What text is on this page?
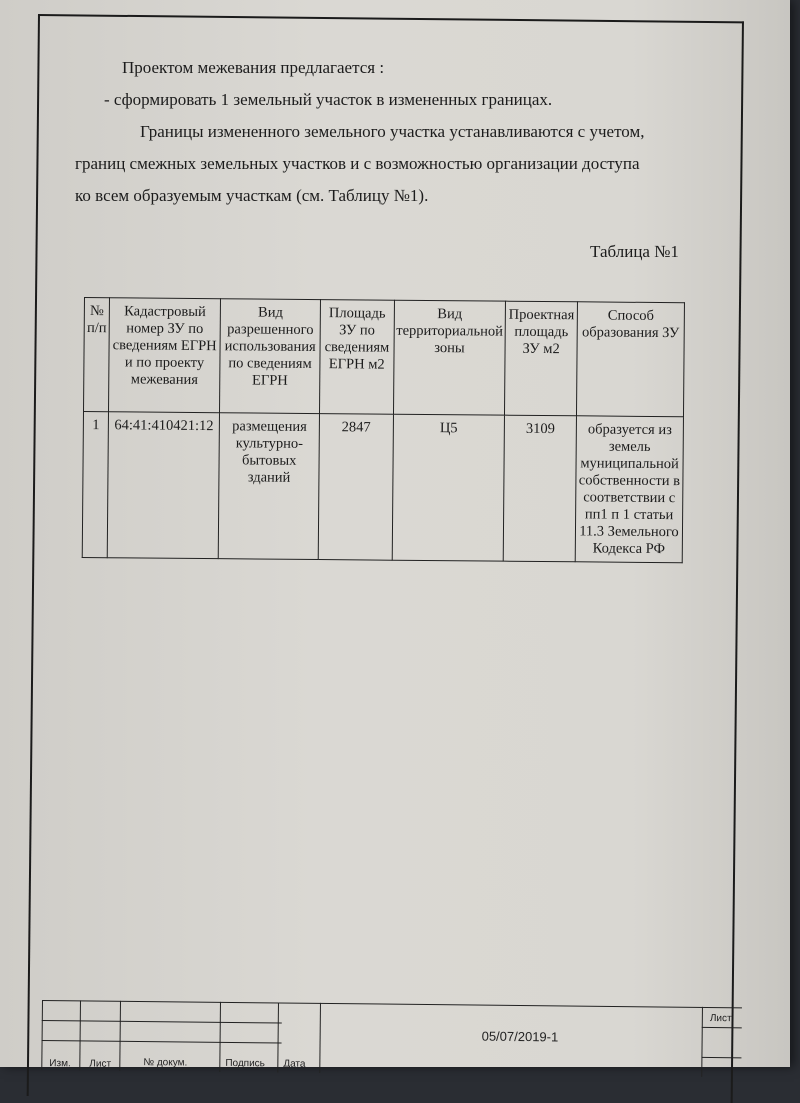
Проектом межевания предлагается :
- сформировать 1 земельный участок в измененных границах.
Границы измененного земельного участка устанавливаются с учетом,
границ смежных земельных участков и с возможностью организации доступа
ко всем образуемым участкам (см. Таблицу №1).
Таблица №1
№ п/п	Кадастровый номер ЗУ по сведениям ЕГРН и по проекту межевания	Вид разрешенного использования по сведениям ЕГРН	Площадь ЗУ по сведениям ЕГРН м2	Вид территориальной зоны	Проектная площадь ЗУ м2	Способ образования ЗУ
1	64:41:410421:12	размещения культурно-бытовых зданий	2847	Ц5	3109	образуется из земель муниципальной собственности в соответствии с пп1 п 1 статьи 11.3 Земельного Кодекса РФ
Лист
05/07/2019-1
Изм. Лист	№ докум.	Подпись Дата
